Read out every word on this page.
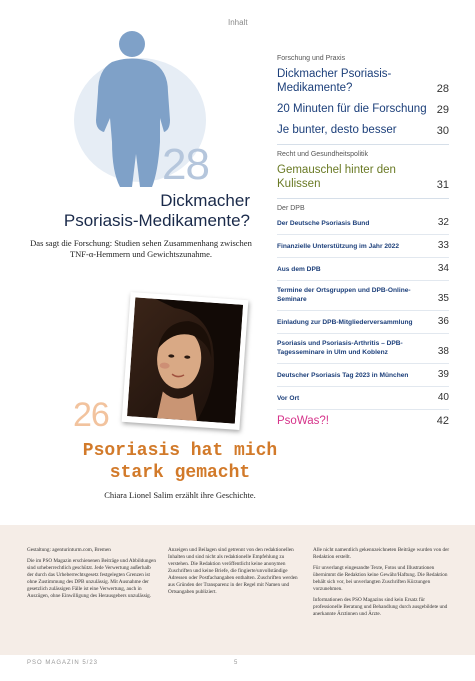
Inhalt
28
Dickmacher
Psoriasis-Medikamente?
Das sagt die Forschung: Studien sehen Zusammenhang zwischen TNF-α-Hemmern und Gewichtszunahme.
26
Psoriasis hat mich
stark gemacht
Chiara Lionel Salim erzählt ihre Geschichte.
Forschung und Praxis
Dickmacher Psoriasis-Medikamente?	28
20 Minuten für die Forschung 29
Je bunter, desto besser	30
Recht und Gesundheitspolitik
Gemauschel hinter den Kulissen	31
Der DPB
Der Deutsche Psoriasis Bund	32
Finanzielle Unterstützung im Jahr 2022	33
Aus dem DPB	34
Termine der Ortsgruppen und DPB-Online-Seminare	35
Einladung zur DPB-Mitgliederversammlung	36
Psoriasis und Psoriasis-Arthritis – DPB-Tagesseminare in Ulm und Koblenz	38
Deutscher Psoriasis Tag 2023 in München	39
Vor Ort	40
PsoWas?!	42

Gestaltung: agenturinturm.com, Bremen

Die im PSO Magazin erschienenen Beiträge und Abbildungen sind urheberrechtlich geschützt. Jede Verwertung außerhalb der durch das Urheberrechtsgesetz festgelegten Grenzen ist ohne Zustimmung des DPB unzulässig. Mit Ausnahme der gesetzlich zulässigen Fälle ist eine Verwertung, auch in Auszügen, ohne Einwilligung des Herausgebers unzulässig.

Anzeigen und Beilagen sind getrennt von den redaktionellen Inhalten und sind nicht als redaktionelle Empfehlung zu verstehen. Die Redaktion veröffentlicht keine anonymen Zuschriften und keine Briefe, die fingierte/unvollständige Adressen oder Postfachangaben enthalten. Zuschriften werden aus Gründen der Transparenz in der Regel mit Namen und Ortsangaben publiziert.

Alle nicht namentlich gekennzeichneten Beiträge wurden von der Redaktion erstellt.

Für unverlangt eingesandte Texte, Fotos und Illustrationen übernimmt die Redaktion keine Gewähr/Haftung. Die Redaktion behält sich vor, bei unverlangten Zuschriften Kürzungen vorzunehmen.

Informationen des PSO Magazins sind kein Ersatz für professionelle Beratung und Behandlung durch ausgebildete und anerkannte Ärztinnen und Ärzte.

PSO MAGAZIN 5/23	5
